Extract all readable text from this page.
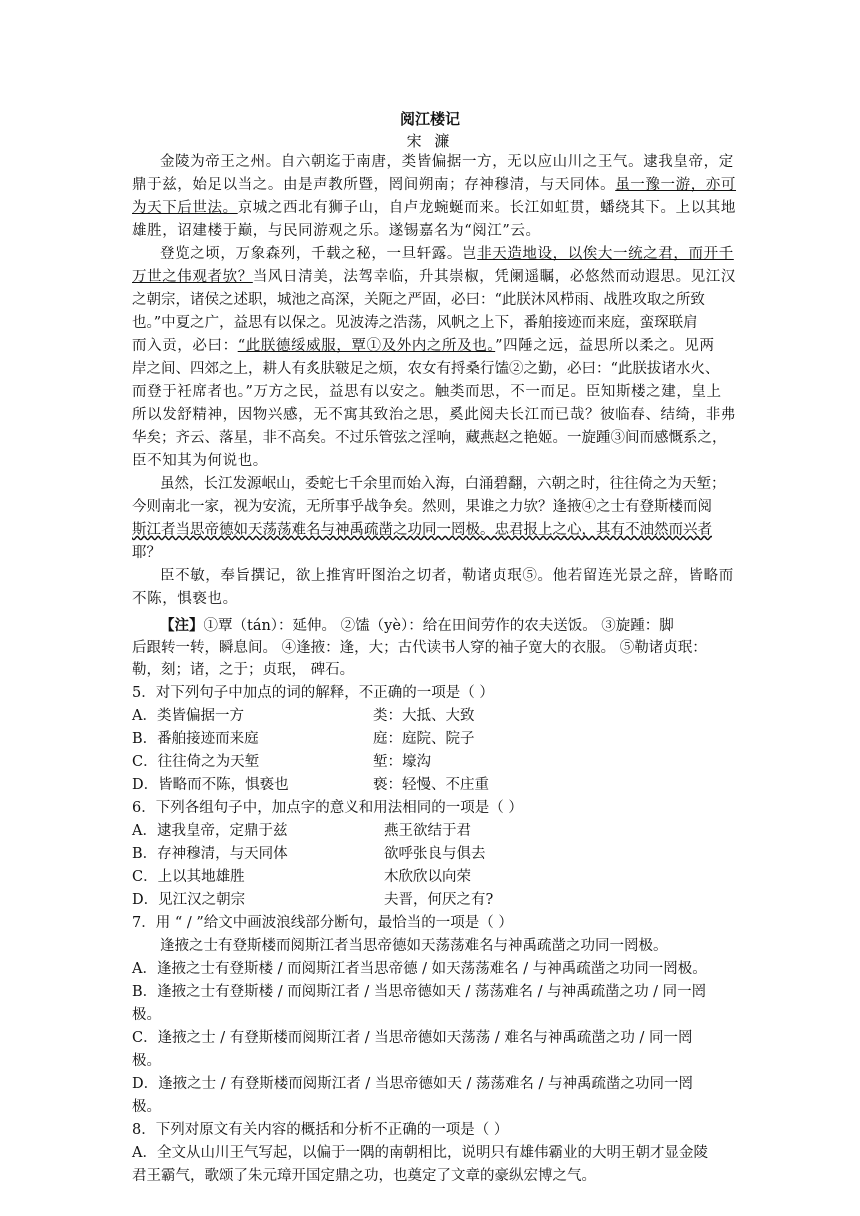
阅江楼记
宋 濂
金陵为帝王之州。自六朝迄于南唐，类皆偏据一方，无以应山川之王气。逮我皇帝，定
鼎于兹，始足以当之。由是声教所暨，罔间朔南；存神穆清，与天同体。虽一豫一游，亦可
为天下后世法。京城之西北有狮子山，自卢龙蜿蜒而来。长江如虹贯，蟠绕其下。上以其地
雄胜，诏建楼于巅，与民同游观之乐。遂锡嘉名为“阅江”云。
登览之顷，万象森列，千载之秘，一旦轩露。岂非天造地设，以俟大一统之君，而开千
万世之伟观者欤？当风日清美，法驾幸临，升其崇椒，凭阑遥瞩，必悠然而动遐思。见江汉
之朝宗，诸侯之述职，城池之高深，关阨之严固，必曰：“此朕沐风栉雨、战胜攻取之所致
也。”中夏之广，益思有以保之。见波涛之浩荡，风帆之上下，番舶接迹而来庭，蛮琛联肩
而入贡，必曰：“此朕德绥威服，覃①及外内之所及也。”四陲之远，益思所以柔之。见两
岸之间、四郊之上，耕人有炙肤皲足之烦，农女有捋桑行馌②之勤，必曰：“此朕拔诸水火、
而登于衽席者也。”万方之民，益思有以安之。触类而思，不一而足。臣知斯楼之建，皇上
所以发舒精神，因物兴感，无不寓其致治之思，奚此阅夫长江而已哉？彼临春、结绮，非弗
华矣；齐云、落星，非不高矣。不过乐管弦之淫响，藏燕赵之艳姬。一旋踵③间而感慨系之，
臣不知其为何说也。
虽然，长江发源岷山，委蛇七千余里而始入海，白涌碧翻，六朝之时，往往倚之为天堑；
今则南北一家，视为安流，无所事乎战争矣。然则，果谁之力欤？逢掖④之士有登斯楼而阅
斯江者当思帝德如天荡荡难名与神禹疏凿之功同一罔极。忠君报上之心，其有不油然而兴者
耶？
臣不敏，奉旨撰记，欲上推宵旰图治之切者，勒诸贞珉⑤。他若留连光景之辞，皆略而
不陈，惧亵也。
【注】①覃（tán）：延伸。 ②馌（yè）：给在田间劳作的农夫送饭。 ③旋踵：脚
后跟转一转，瞬息间。 ④逢掖：逢，大；古代读书人穿的袖子宽大的衣服。 ⑤勒诸贞珉：
勒，刻；诸，之于；贞珉， 碑石。
5．对下列句子中加点的词的解释，不正确的一项是（ ）
A．类皆偏据一方	类：大抵、大致
B．番舶接迹而来庭	庭：庭院、院子
C．往往倚之为天堑	堑：壕沟
D．皆略而不陈，惧亵也	亵：轻慢、不庄重
6．下列各组句子中，加点字的意义和用法相同的一项是（ ）
A．逮我皇帝，定鼎于兹	燕王欲结于君
B．存神穆清，与天同体	欲呼张良与俱去
C．上以其地雄胜	木欣欣以向荣
D．见江汉之朝宗	夫晋，何厌之有?
7．用 “ / ”给文中画波浪线部分断句，最恰当的一项是（ ）
逢掖之士有登斯楼而阅斯江者当思帝德如天荡荡难名与神禹疏凿之功同一罔极。
A．逢掖之士有登斯楼 / 而阅斯江者当思帝德 / 如天荡荡难名 / 与神禹疏凿之功同一罔极。
B．逢掖之士有登斯楼 / 而阅斯江者 / 当思帝德如天 / 荡荡难名 / 与神禹疏凿之功 / 同一罔
极。
C．逢掖之士 / 有登斯楼而阅斯江者 / 当思帝德如天荡荡 / 难名与神禹疏凿之功 / 同一罔
极。
D．逢掖之士 / 有登斯楼而阅斯江者 / 当思帝德如天 / 荡荡难名 / 与神禹疏凿之功同一罔
极。
8．下列对原文有关内容的概括和分析不正确的一项是（ ）
A．全文从山川王气写起，以偏于一隅的南朝相比，说明只有雄伟霸业的大明王朝才显金陵
君王霸气，歌颂了朱元璋开国定鼎之功，也奠定了文章的豪纵宏博之气。
